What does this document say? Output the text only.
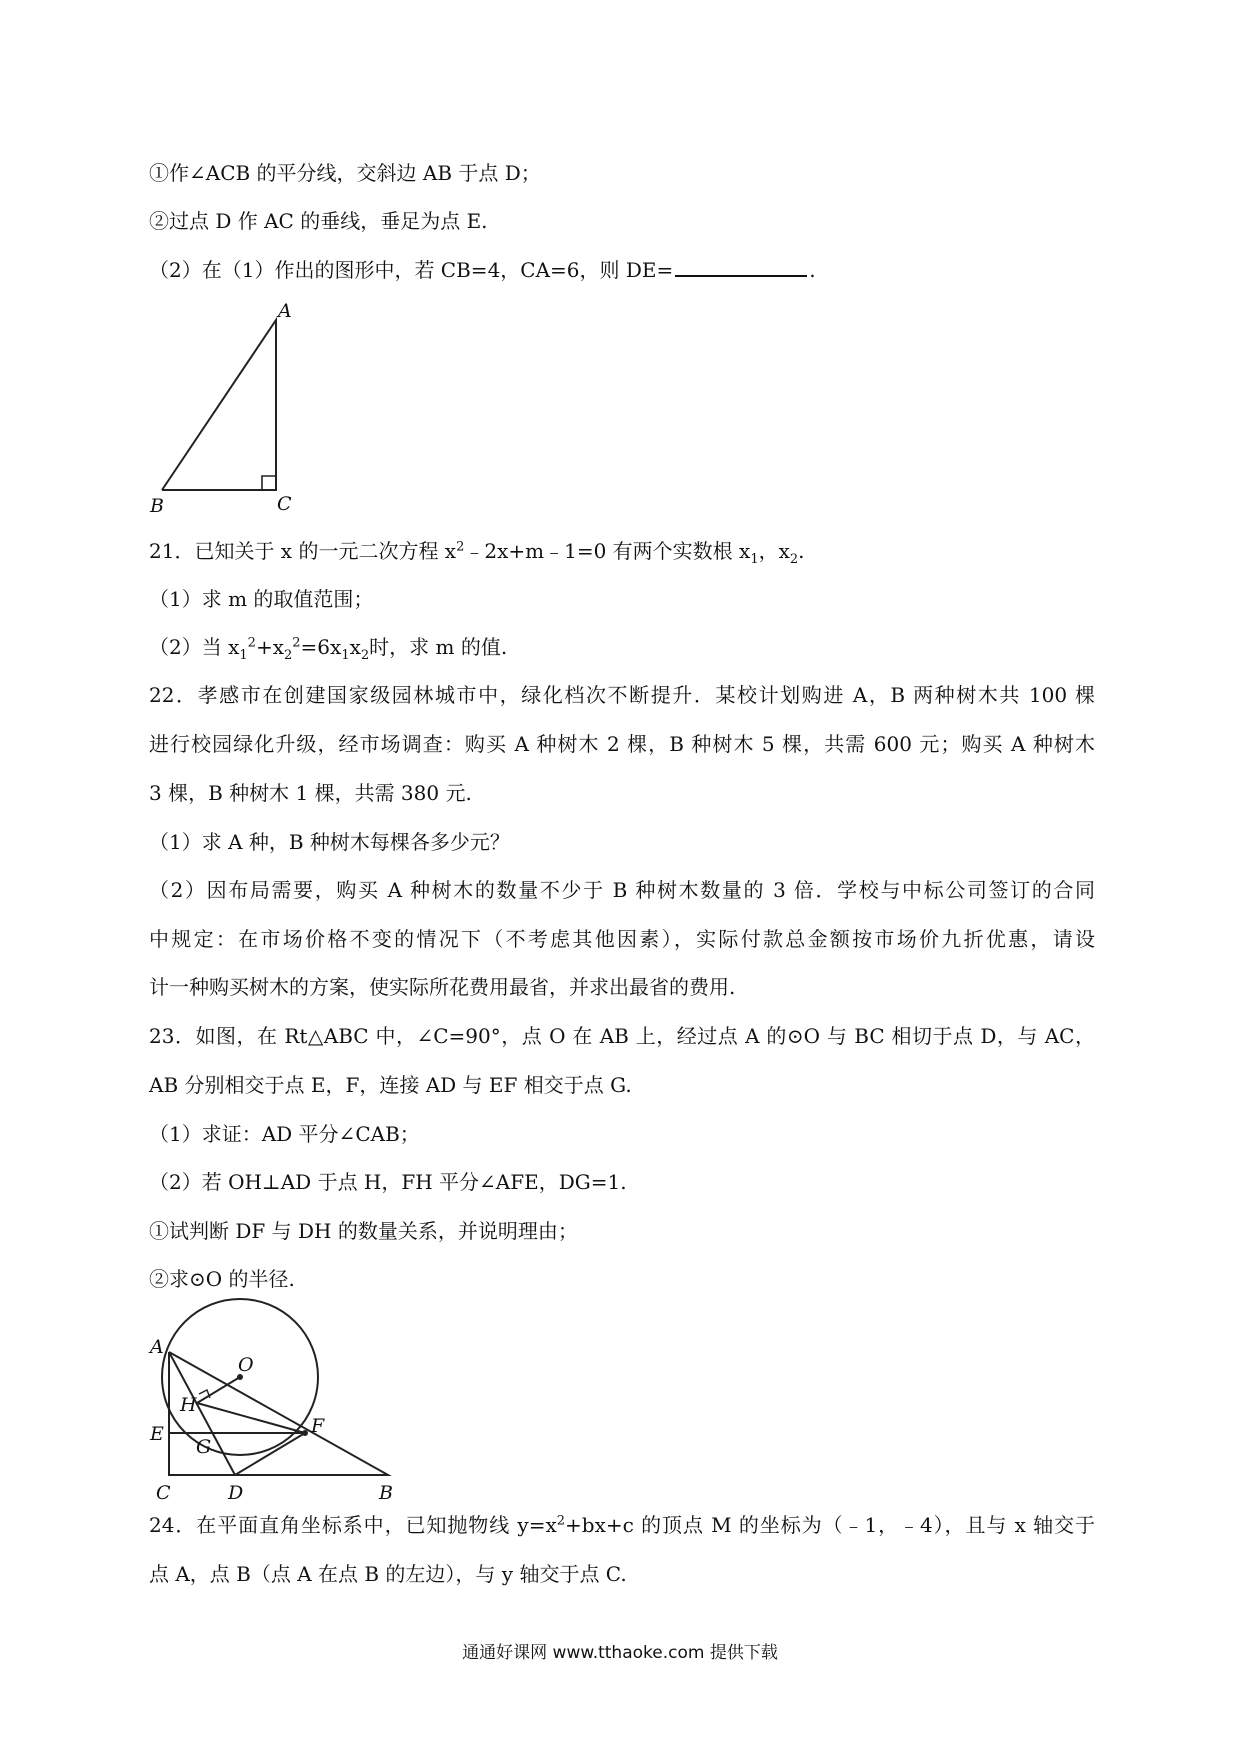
①作∠ACB 的平分线，交斜边 AB 于点 D；
②过点 D 作 AC 的垂线，垂足为点 E.
（2）在（1）作出的图形中，若 CB=4，CA=6，则 DE=	.
A
B	C
21．已知关于 x 的一元二次方程 $x^2﹣2x+m﹣1=0$ 有两个实数根 $x_1$，$x_2$.
（1）求 m 的取值范围；
（2）当 $x_1^2+x_2^2=6x_1x_2$时，求 m 的值.
22．孝感市在创建国家级园林城市中，绿化档次不断提升．某校计划购进 A，B 两种树木共 100 棵
进行校园绿化升级，经市场调查：购买 A 种树木 2 棵，B 种树木 5 棵，共需 600 元；购买 A 种树木
3 棵，B 种树木 1 棵，共需 380 元.
（1）求 A 种，B 种树木每棵各多少元？
（2）因布局需要，购买 A 种树木的数量不少于 B 种树木数量的 3 倍．学校与中标公司签订的合同
中规定：在市场价格不变的情况下（不考虑其他因素），实际付款总金额按市场价九折优惠，请设
计一种购买树木的方案，使实际所花费用最省，并求出最省的费用.
23．如图，在 Rt△ABC 中，∠C=90°，点 O 在 AB 上，经过点 A 的⊙O 与 BC 相切于点 D，与 AC，
AB 分别相交于点 E，F，连接 AD 与 EF 相交于点 G.
（1）求证：AD 平分∠CAB；
（2）若 OH⊥AD 于点 H，FH 平分∠AFE，DG=1.
①试判断 DF 与 DH 的数量关系，并说明理由；
②求⊙O 的半径.
A
O
H
E
G
F
C	D	B
24．在平面直角坐标系中，已知抛物线 $y=x^2+bx+c$ 的顶点 M 的坐标为（﹣1，﹣4），且与 x 轴交于
点 A，点 B（点 A 在点 B 的左边），与 y 轴交于点 C.
通通好课网 www.tthaoke.com 提供下载
